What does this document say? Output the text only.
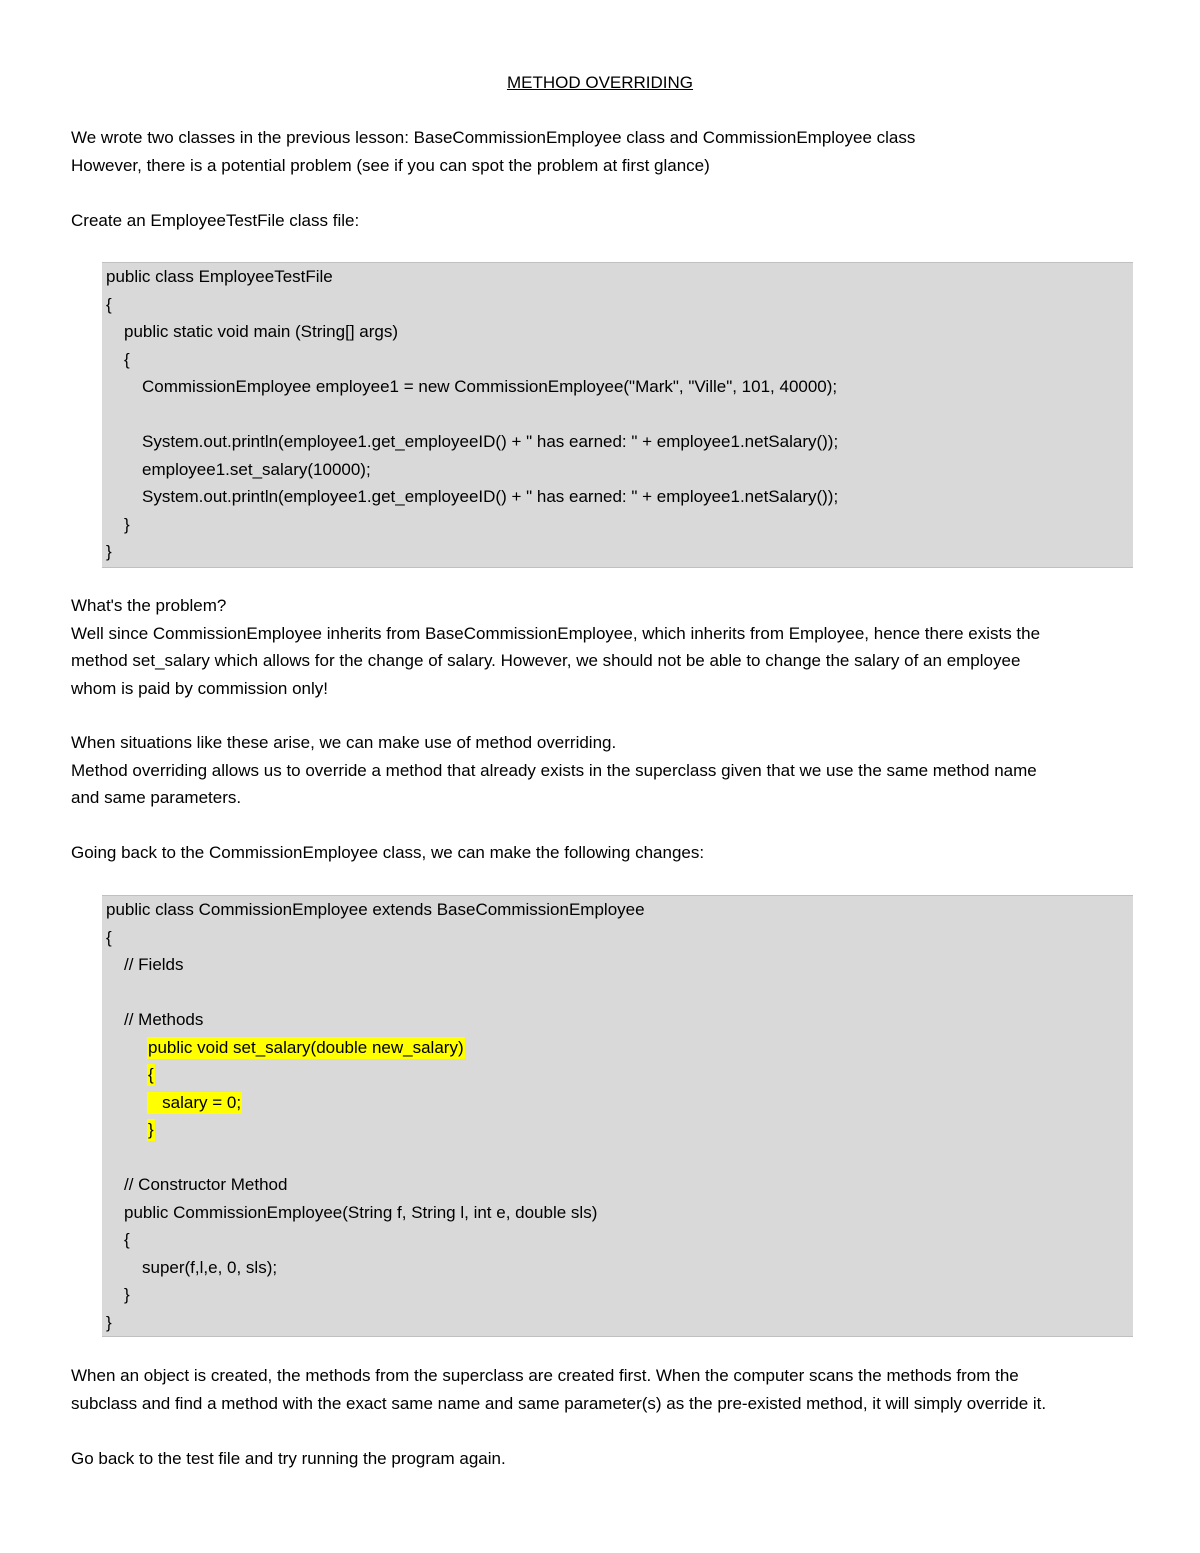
METHOD OVERRIDING
We wrote two classes in the previous lesson: BaseCommissionEmployee class and CommissionEmployee class
However, there is a potential problem (see if you can spot the problem at first glance)
Create an EmployeeTestFile class file:
public class EmployeeTestFile
{
public static void main (String[] args)
{
CommissionEmployee employee1 = new CommissionEmployee("Mark", "Ville", 101, 40000);
System.out.println(employee1.get_employeeID() + " has earned: " + employee1.netSalary());
employee1.set_salary(10000);
System.out.println(employee1.get_employeeID() + " has earned: " + employee1.netSalary());
}
}
What's the problem?
Well since CommissionEmployee inherits from BaseCommissionEmployee, which inherits from Employee, hence there exists the
method set_salary which allows for the change of salary. However, we should not be able to change the salary of an employee
whom is paid by commission only!
When situations like these arise, we can make use of method overriding.
Method overriding allows us to override a method that already exists in the superclass given that we use the same method name
and same parameters.
Going back to the CommissionEmployee class, we can make the following changes:
public class CommissionEmployee extends BaseCommissionEmployee
{
// Fields
// Methods
public void set_salary(double new_salary)
{
salary = 0;
}
// Constructor Method
public CommissionEmployee(String f, String l, int e, double sls)
{
super(f,l,e, 0, sls);
}
}
When an object is created, the methods from the superclass are created first. When the computer scans the methods from the
subclass and find a method with the exact same name and same parameter(s) as the pre-existed method, it will simply override it.
Go back to the test file and try running the program again.
